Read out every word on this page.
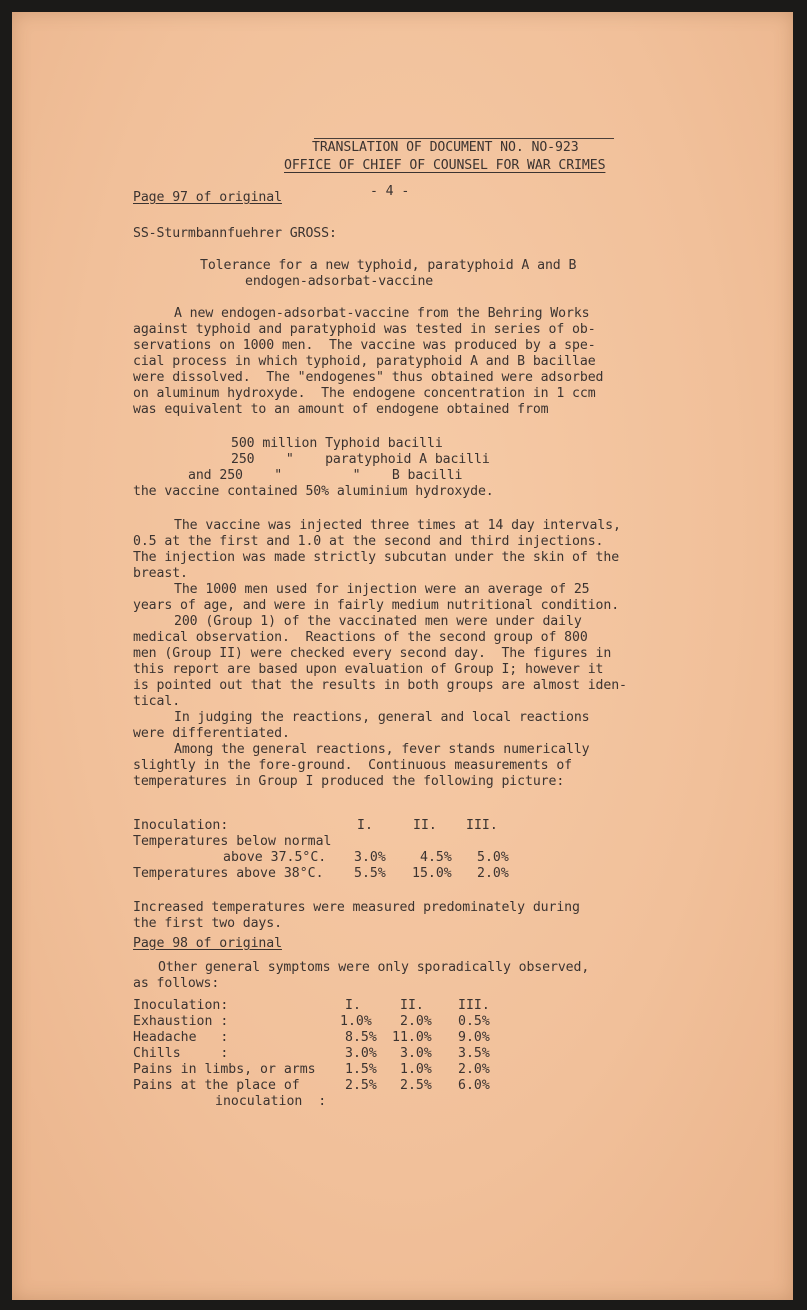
TRANSLATION OF DOCUMENT NO. NO-923
OFFICE OF CHIEF OF COUNSEL FOR WAR CRIMES
Page 97 of original	- 4 -
SS-Sturmbannfuehrer GROSS:
Tolerance for a new typhoid, paratyphoid A and B
endogen-adsorbat-vaccine
A new endogen-adsorbat-vaccine from the Behring Works
against typhoid and paratyphoid was tested in series of ob-
servations on 1000 men.  The vaccine was produced by a spe-
cial process in which typhoid, paratyphoid A and B bacillae
were dissolved.  The "endogenes" thus obtained were adsorbed
on aluminum hydroxyde.  The endogene concentration in 1 ccm
was equivalent to an amount of endogene obtained from
500 million Typhoid bacilli
250    "    paratyphoid A bacilli
and 250    "         "    B bacilli
the vaccine contained 50% aluminium hydroxyde.
The vaccine was injected three times at 14 day intervals,
0.5 at the first and 1.0 at the second and third injections.
The injection was made strictly subcutan under the skin of the
breast.
The 1000 men used for injection were an average of 25
years of age, and were in fairly medium nutritional condition.
200 (Group 1) of the vaccinated men were under daily
medical observation.  Reactions of the second group of 800
men (Group II) were checked every second day.  The figures in
this report are based upon evaluation of Group I; however it
is pointed out that the results in both groups are almost iden-
tical.
In judging the reactions, general and local reactions
were differentiated.
Among the general reactions, fever stands numerically
slightly in the fore-ground.  Continuous measurements of
temperatures in Group I produced the following picture:
Inoculation:	I.	II. III.
Temperatures below normal
above 37.5°C. 3.0%	4.5% 5.0%
Temperatures above 38°C. 5.5% 15.0% 2.0%
Increased temperatures were measured predominately during
the first two days.
Page 98 of original
Other general symptoms were only sporadically observed,
as follows:
Inoculation:	I.	II.	III.
Exhaustion :	1.0% 2.0% 0.5%
Headache   :	8.5% 11.0% 9.0%
Chills     :	3.0% 3.0% 3.5%
Pains in limbs, or arms 1.5% 1.0% 2.0%
Pains at the place of	2.5% 2.5% 6.0%
inoculation  :
